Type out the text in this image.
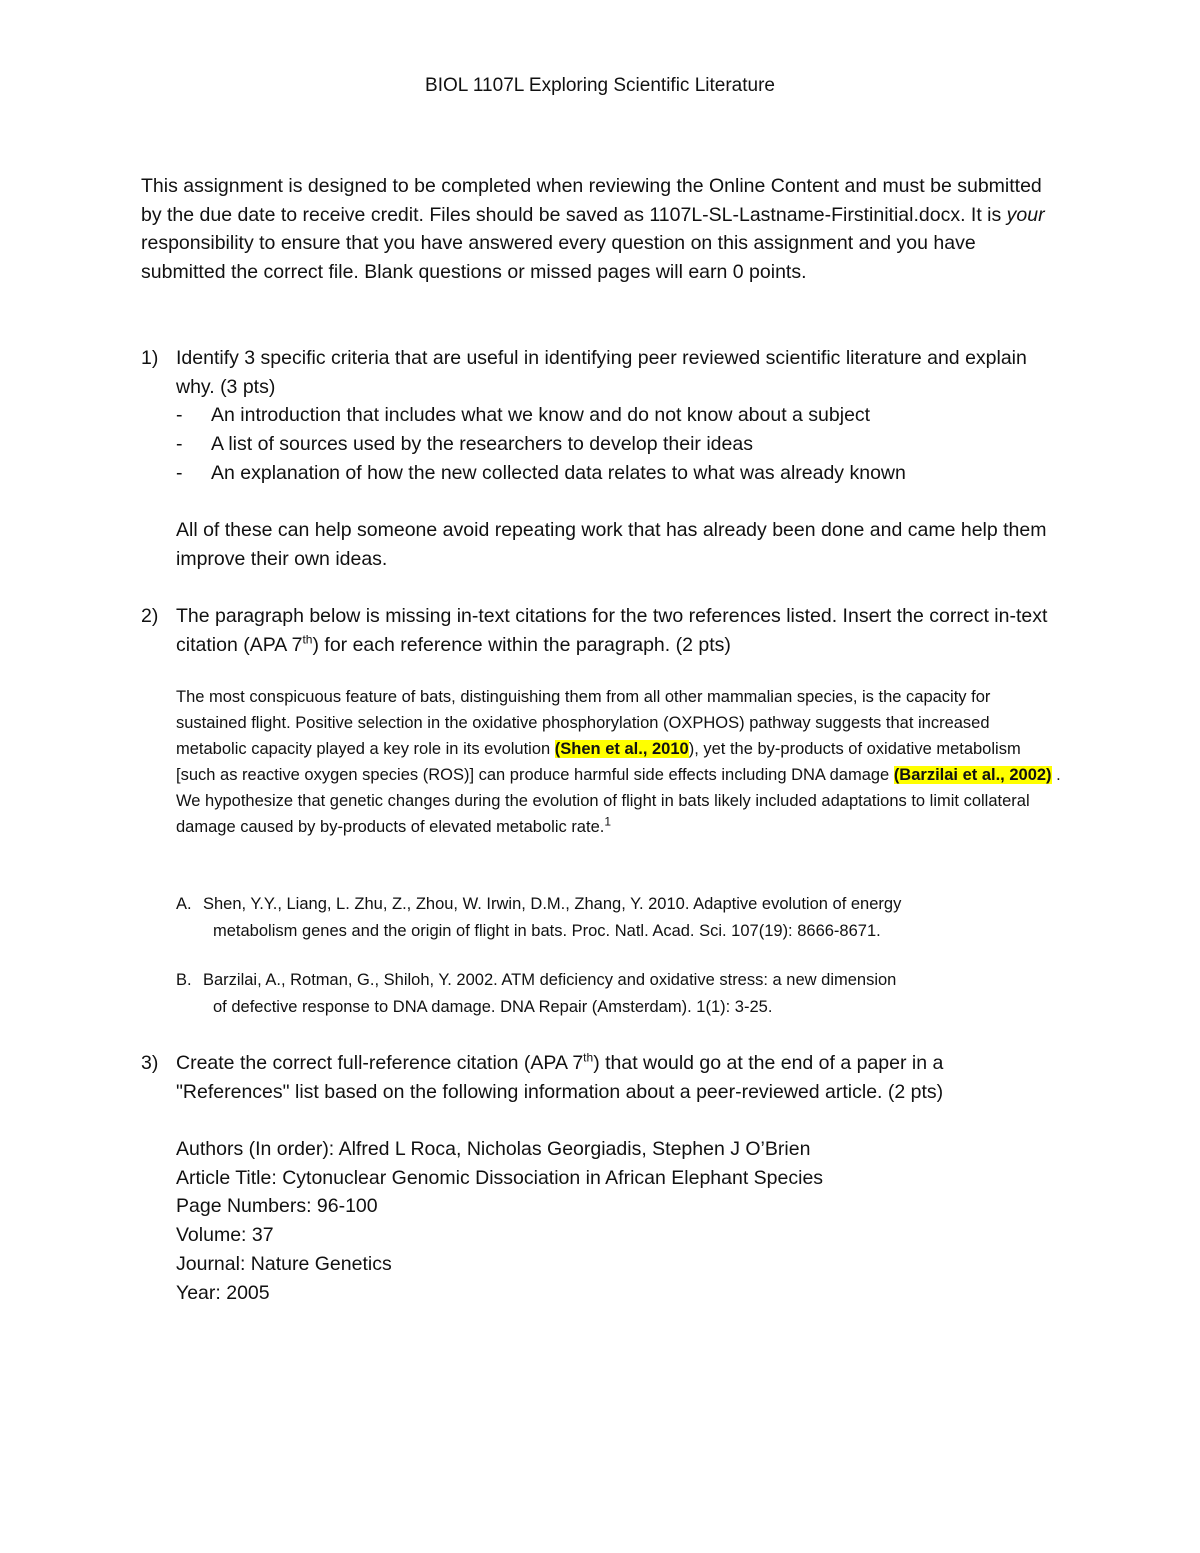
BIOL 1107L Exploring Scientific Literature
This assignment is designed to be completed when reviewing the Online Content and must be submitted by the due date to receive credit. Files should be saved as 1107L-SL-Lastname-Firstinitial.docx. It is your responsibility to ensure that you have answered every question on this assignment and you have submitted the correct file. Blank questions or missed pages will earn 0 points.
1) Identify 3 specific criteria that are useful in identifying peer reviewed scientific literature and explain why. (3 pts)
- An introduction that includes what we know and do not know about a subject
- A list of sources used by the researchers to develop their ideas
- An explanation of how the new collected data relates to what was already known
All of these can help someone avoid repeating work that has already been done and came help them improve their own ideas.
2) The paragraph below is missing in-text citations for the two references listed. Insert the correct in-text citation (APA 7th) for each reference within the paragraph. (2 pts)
The most conspicuous feature of bats, distinguishing them from all other mammalian species, is the capacity for sustained flight. Positive selection in the oxidative phosphorylation (OXPHOS) pathway suggests that increased metabolic capacity played a key role in its evolution (Shen et al., 2010), yet the by-products of oxidative metabolism [such as reactive oxygen species (ROS)] can produce harmful side effects including DNA damage (Barzilai et al., 2002) . We hypothesize that genetic changes during the evolution of flight in bats likely included adaptations to limit collateral damage caused by by-products of elevated metabolic rate.$^1$
A. Shen, Y.Y., Liang, L. Zhu, Z., Zhou, W. Irwin, D.M., Zhang, Y. 2010. Adaptive evolution of energy
metabolism genes and the origin of flight in bats. Proc. Natl. Acad. Sci. 107(19): 8666-8671.
B. Barzilai, A., Rotman, G., Shiloh, Y. 2002. ATM deficiency and oxidative stress: a new dimension
of defective response to DNA damage. DNA Repair (Amsterdam). 1(1): 3-25.
3) Create the correct full-reference citation (APA 7th) that would go at the end of a paper in a "References" list based on the following information about a peer-reviewed article. (2 pts)
Authors (In order): Alfred L Roca, Nicholas Georgiadis, Stephen J O’Brien
Article Title: Cytonuclear Genomic Dissociation in African Elephant Species
Page Numbers: 96-100
Volume: 37
Journal: Nature Genetics
Year: 2005
